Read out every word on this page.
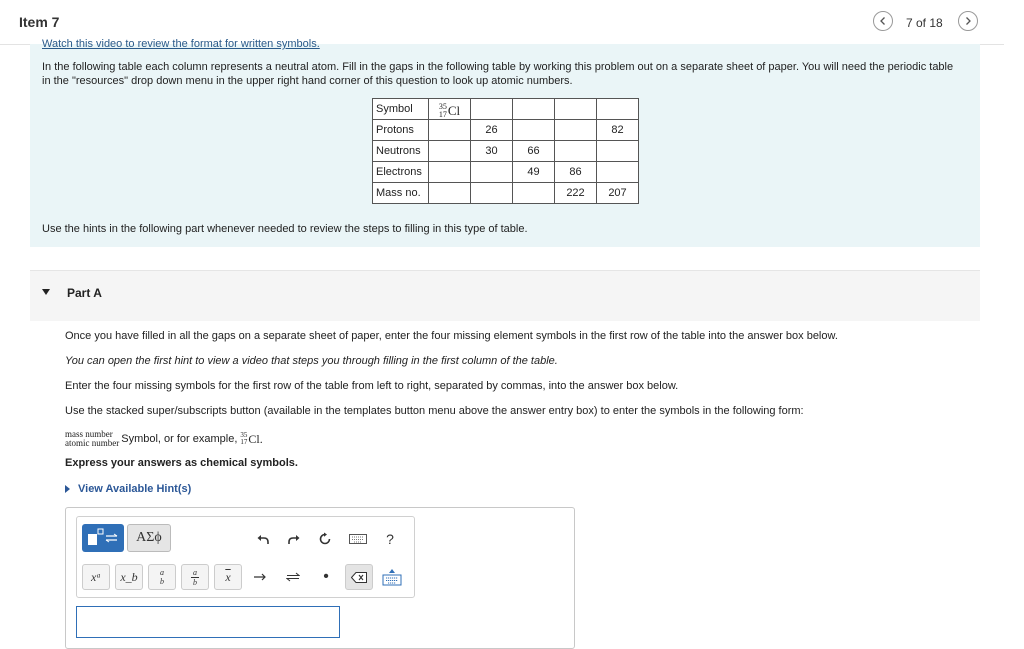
Item 7	7 of 18
Watch this video to review the format for written symbols.
In the following table each column represents a neutral atom. Fill in the gaps in the following table by working this problem out on a separate sheet of paper. You will need the periodic table in the "resources" drop down menu in the upper right hand corner of this question to look up atomic numbers.
Use the hints in the following part whenever needed to review the steps to filling in this type of table.
Symbol	35
17 Cl				

Protons		26			82
Neutrons		30	66		
Electrons			49	86	
Mass no.				222	207
Part A
Once you have filled in all the gaps on a separate sheet of paper, enter the four missing element symbols in the first row of the table into the answer box below.
You can open the first hint to view a video that steps you through filling in the first column of the table.
Enter the four missing symbols for the first row of the table from left to right, separated by commas, into the answer box below.
Use the stacked super/subscripts button (available in the templates button menu above the answer entry box) to enter the symbols in the following form:
mass number
atomic number Symbol, or for example, 35
17 Cl.
Express your answers as chemical symbols.
View Available Hint(s)
ΑΣϕ	?
xᵃ x_b	a
b	$\frac{a}{b} \overline{x}$	•
